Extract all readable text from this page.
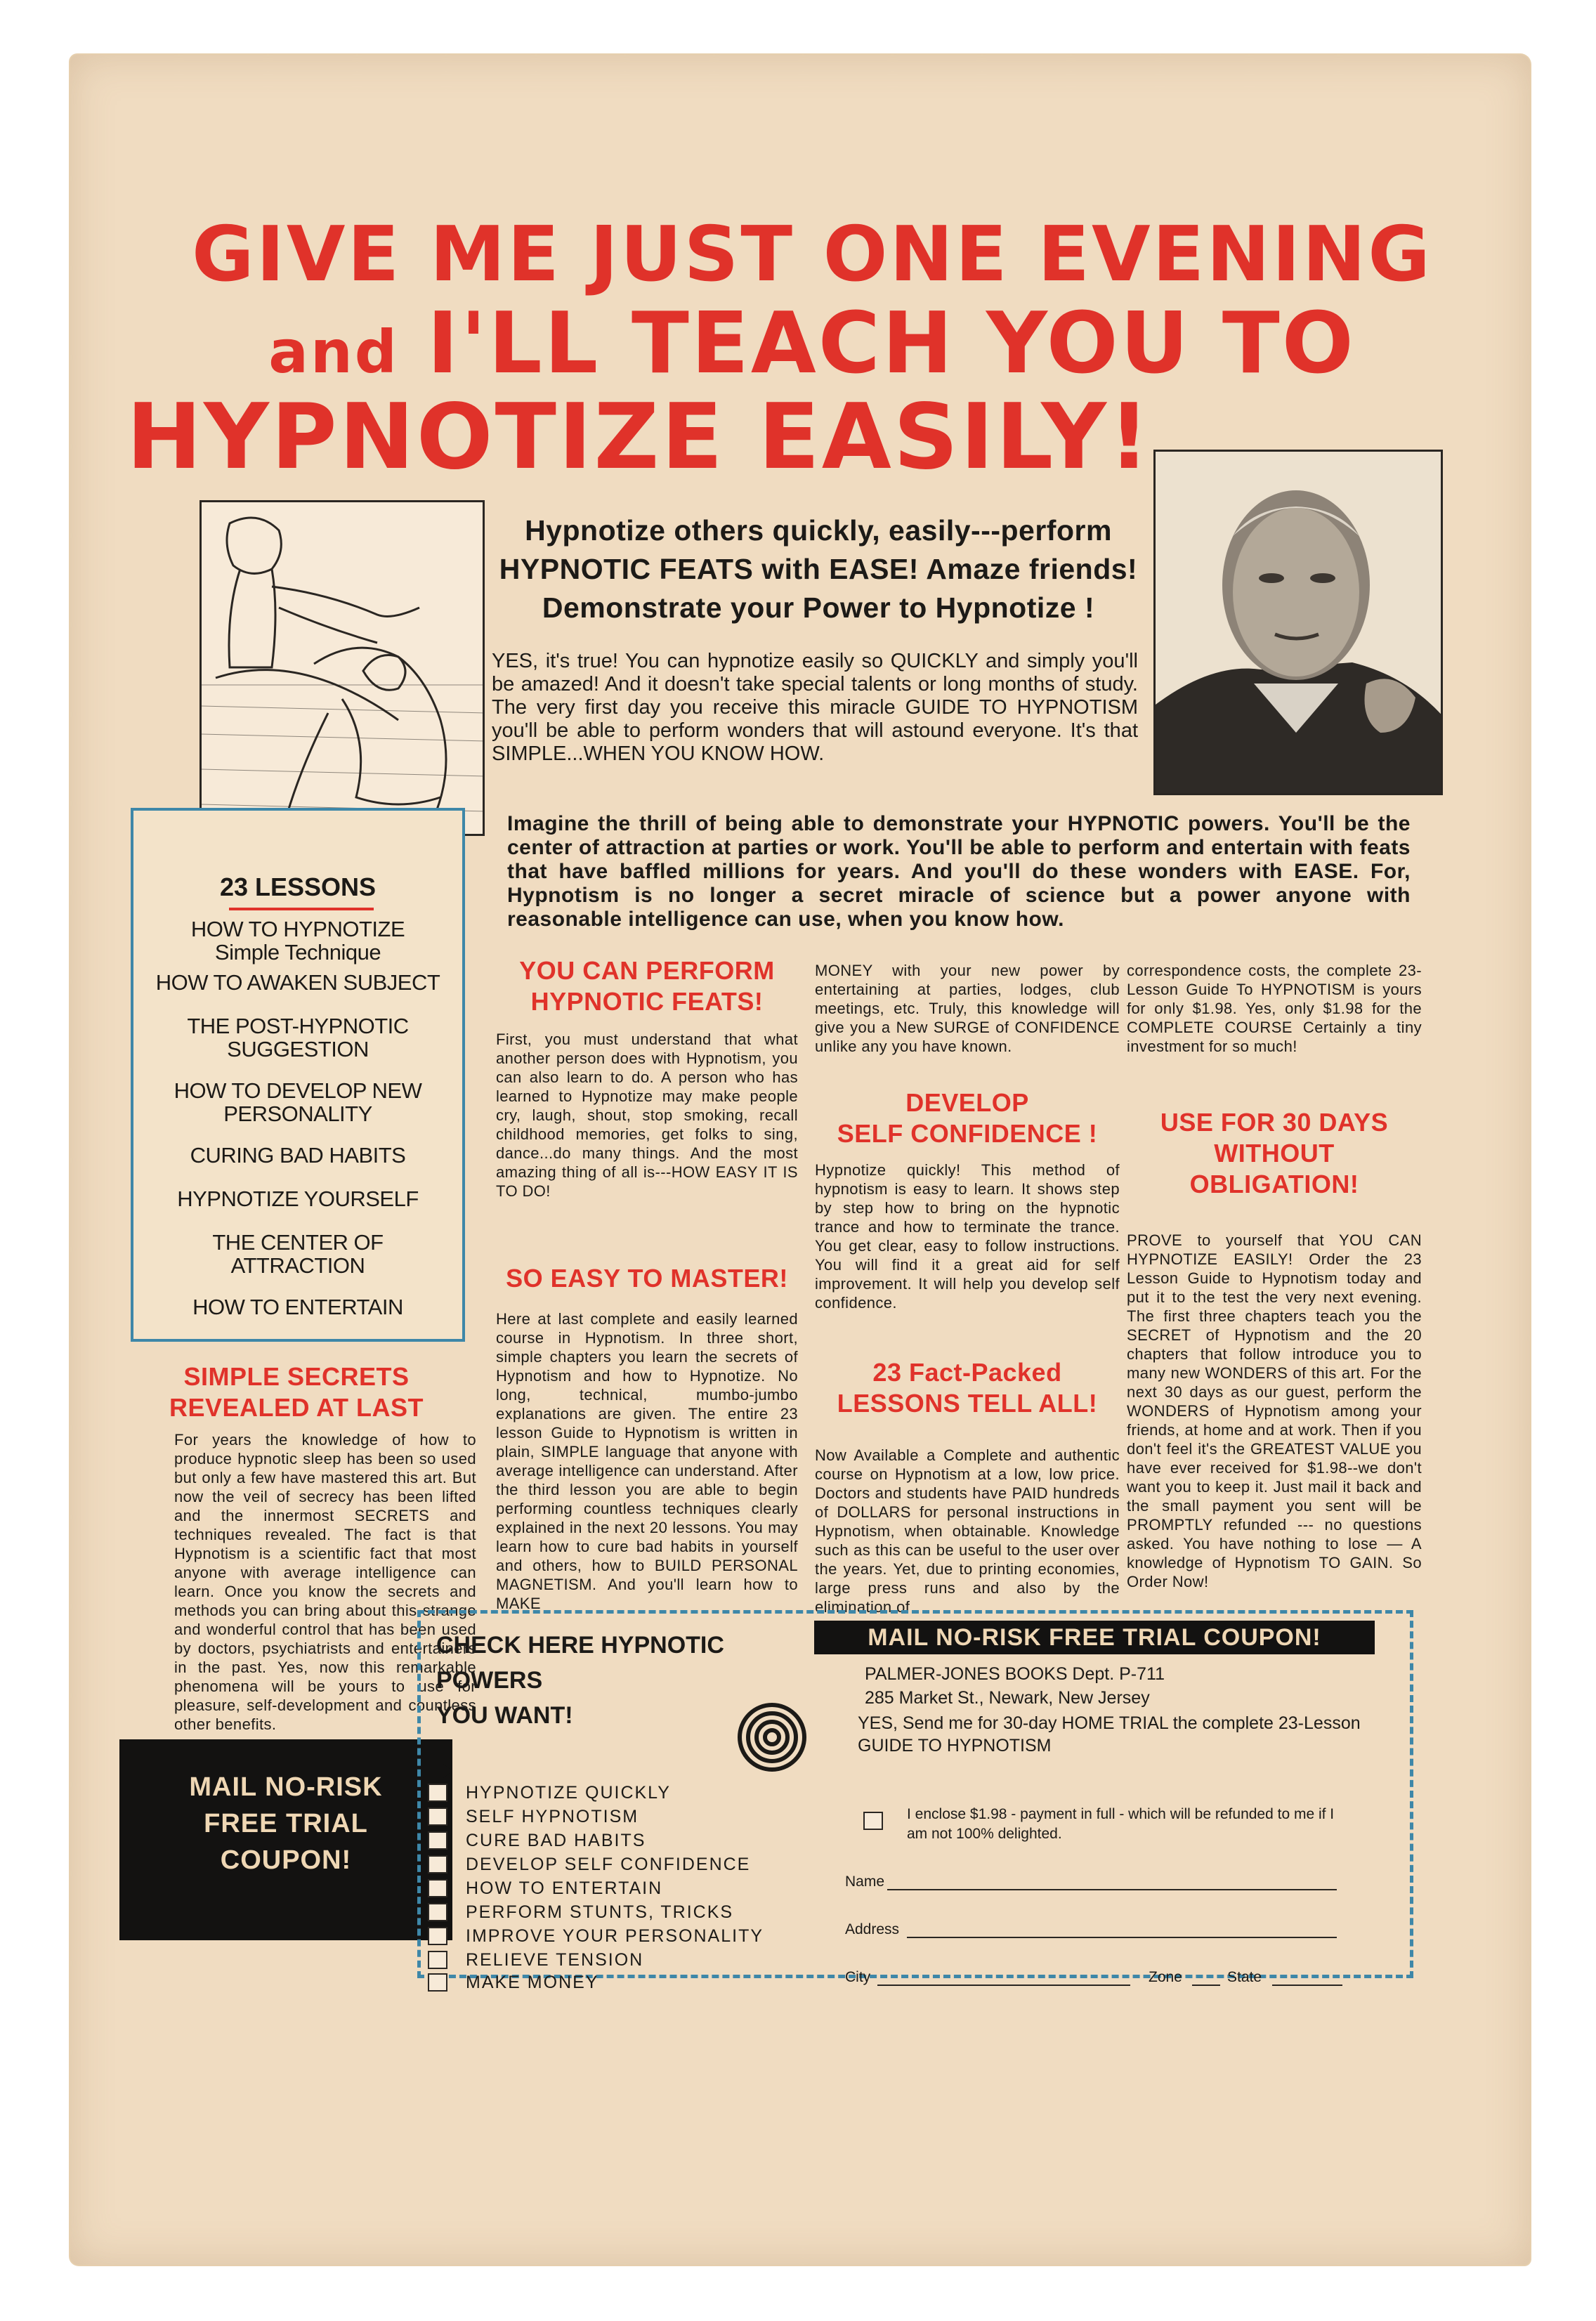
GIVE ME JUST ONE EVENING
and I'LL TEACH YOU TO
HYPNOTIZE EASILY!
Hypnotize others quickly, easily---perform
HYPNOTIC FEATS with EASE! Amaze friends!
Demonstrate your Power to Hypnotize !
YES, it's true! You can hypnotize easily so QUICKLY and simply you'll be amazed! And it doesn't take special talents or long months of study. The very first day you receive this miracle GUIDE TO HYPNOTISM you'll be able to perform wonders that will astound everyone. It's that SIMPLE...WHEN YOU KNOW HOW.
Imagine the thrill of being able to demonstrate your HYPNOTIC powers. You'll be the center of attraction at parties or work. You'll be able to perform and entertain with feats that have baffled millions for years. And you'll do these wonders with EASE. For, Hypnotism is no longer a secret miracle of science but a power anyone with reasonable intelligence can use, when you know how.
23 LESSONS
HOW TO HYPNOTIZE
Simple Technique
HOW TO AWAKEN SUBJECT
THE POST-HYPNOTIC
SUGGESTION
HOW TO DEVELOP NEW
PERSONALITY
CURING BAD HABITS
HYPNOTIZE YOURSELF
THE CENTER OF
ATTRACTION
HOW TO ENTERTAIN
SIMPLE SECRETS
REVEALED AT LAST
For years the knowledge of how to produce hypnotic sleep has been so used but only a few have mastered this art. But now the veil of secrecy has been lifted and the innermost SECRETS and techniques revealed. The fact is that Hypnotism is a scientific fact that most anyone with average intelligence can learn. Once you know the secrets and methods you can bring about this strange and wonderful control that has been used by doctors, psychiatrists and entertainers in the past. Yes, now this remarkable phenomena will be yours to use for pleasure, self-development and countless other benefits.
YOU CAN PERFORM
HYPNOTIC FEATS!
First, you must understand that what another person does with Hypnotism, you can also learn to do. A person who has learned to Hypnotize may make people cry, laugh, shout, stop smoking, recall childhood memories, get folks to sing, dance...do many things. And the most amazing thing of all is---HOW EASY IT IS TO DO!
SO EASY TO MASTER!
Here at last complete and easily learned course in Hypnotism. In three short, simple chapters you learn the secrets of Hypnotism and how to Hypnotize. No long, technical, mumbo-jumbo explanations are given. The entire 23 lesson Guide to Hypnotism is written in plain, SIMPLE language that anyone with average intelligence can understand. After the third lesson you are able to begin performing countless techniques clearly explained in the next 20 lessons. You may learn how to cure bad habits in yourself and others, how to BUILD PERSONAL MAGNETISM. And you'll learn how to MAKE
MONEY with your new power by entertaining at parties, lodges, club meetings, etc. Truly, this knowledge will give you a New SURGE of CONFIDENCE unlike any you have known.
DEVELOP
SELF CONFIDENCE !
Hypnotize quickly! This method of hypnotism is easy to learn. It shows step by step how to bring on the hypnotic trance and how to terminate the trance. You get clear, easy to follow instructions. You will find it a great aid for self improvement. It will help you develop self confidence.
23 Fact-Packed
LESSONS TELL ALL!
Now Available a Complete and authentic course on Hypnotism at a low, low price. Doctors and students have PAID hundreds of DOLLARS for personal instructions in Hypnotism, when obtainable. Knowledge such as this can be useful to the user over the years. Yet, due to printing economies, large press runs and also by the elimination of
correspondence costs, the complete 23-Lesson Guide To HYPNOTISM is yours for only $1.98. Yes, only $1.98 for the COMPLETE COURSE Certainly a tiny investment for so much!
USE FOR 30 DAYS
WITHOUT
OBLIGATION!
PROVE to yourself that YOU CAN HYPNOTIZE EASILY! Order the 23 Lesson Guide to Hypnotism today and put it to the test the very next evening. The first three chapters teach you the SECRET of Hypnotism and the 20 chapters that follow introduce you to many new WONDERS of this art. For the next 30 days as our guest, perform the WONDERS of Hypnotism among your friends, at home and at work. Then if you don't feel it's the GREATEST VALUE you have ever received for $1.98--we don't want you to keep it. Just mail it back and the small payment you sent will be PROMPTLY refunded --- no questions asked. You have nothing to lose — A knowledge of Hypnotism TO GAIN. So Order Now!
MAIL NO-RISK
FREE TRIAL
COUPON!
MAIL NO-RISK FREE TRIAL COUPON!
CHECK HERE HYPNOTIC
POWERS
YOU WANT!
HYPNOTIZE QUICKLY
SELF HYPNOTISM
CURE BAD HABITS
DEVELOP SELF CONFIDENCE
HOW TO ENTERTAIN
PERFORM STUNTS, TRICKS
IMPROVE YOUR PERSONALITY
RELIEVE TENSION
MAKE MONEY
PALMER-JONES BOOKS Dept. P-711
285 Market St., Newark, New Jersey
YES, Send me for 30-day HOME TRIAL the complete 23-Lesson GUIDE TO HYPNOTISM
I enclose $1.98 - payment in full - which will be refunded to me if I am not 100% delighted.
Name
Address
City	Zone	State
